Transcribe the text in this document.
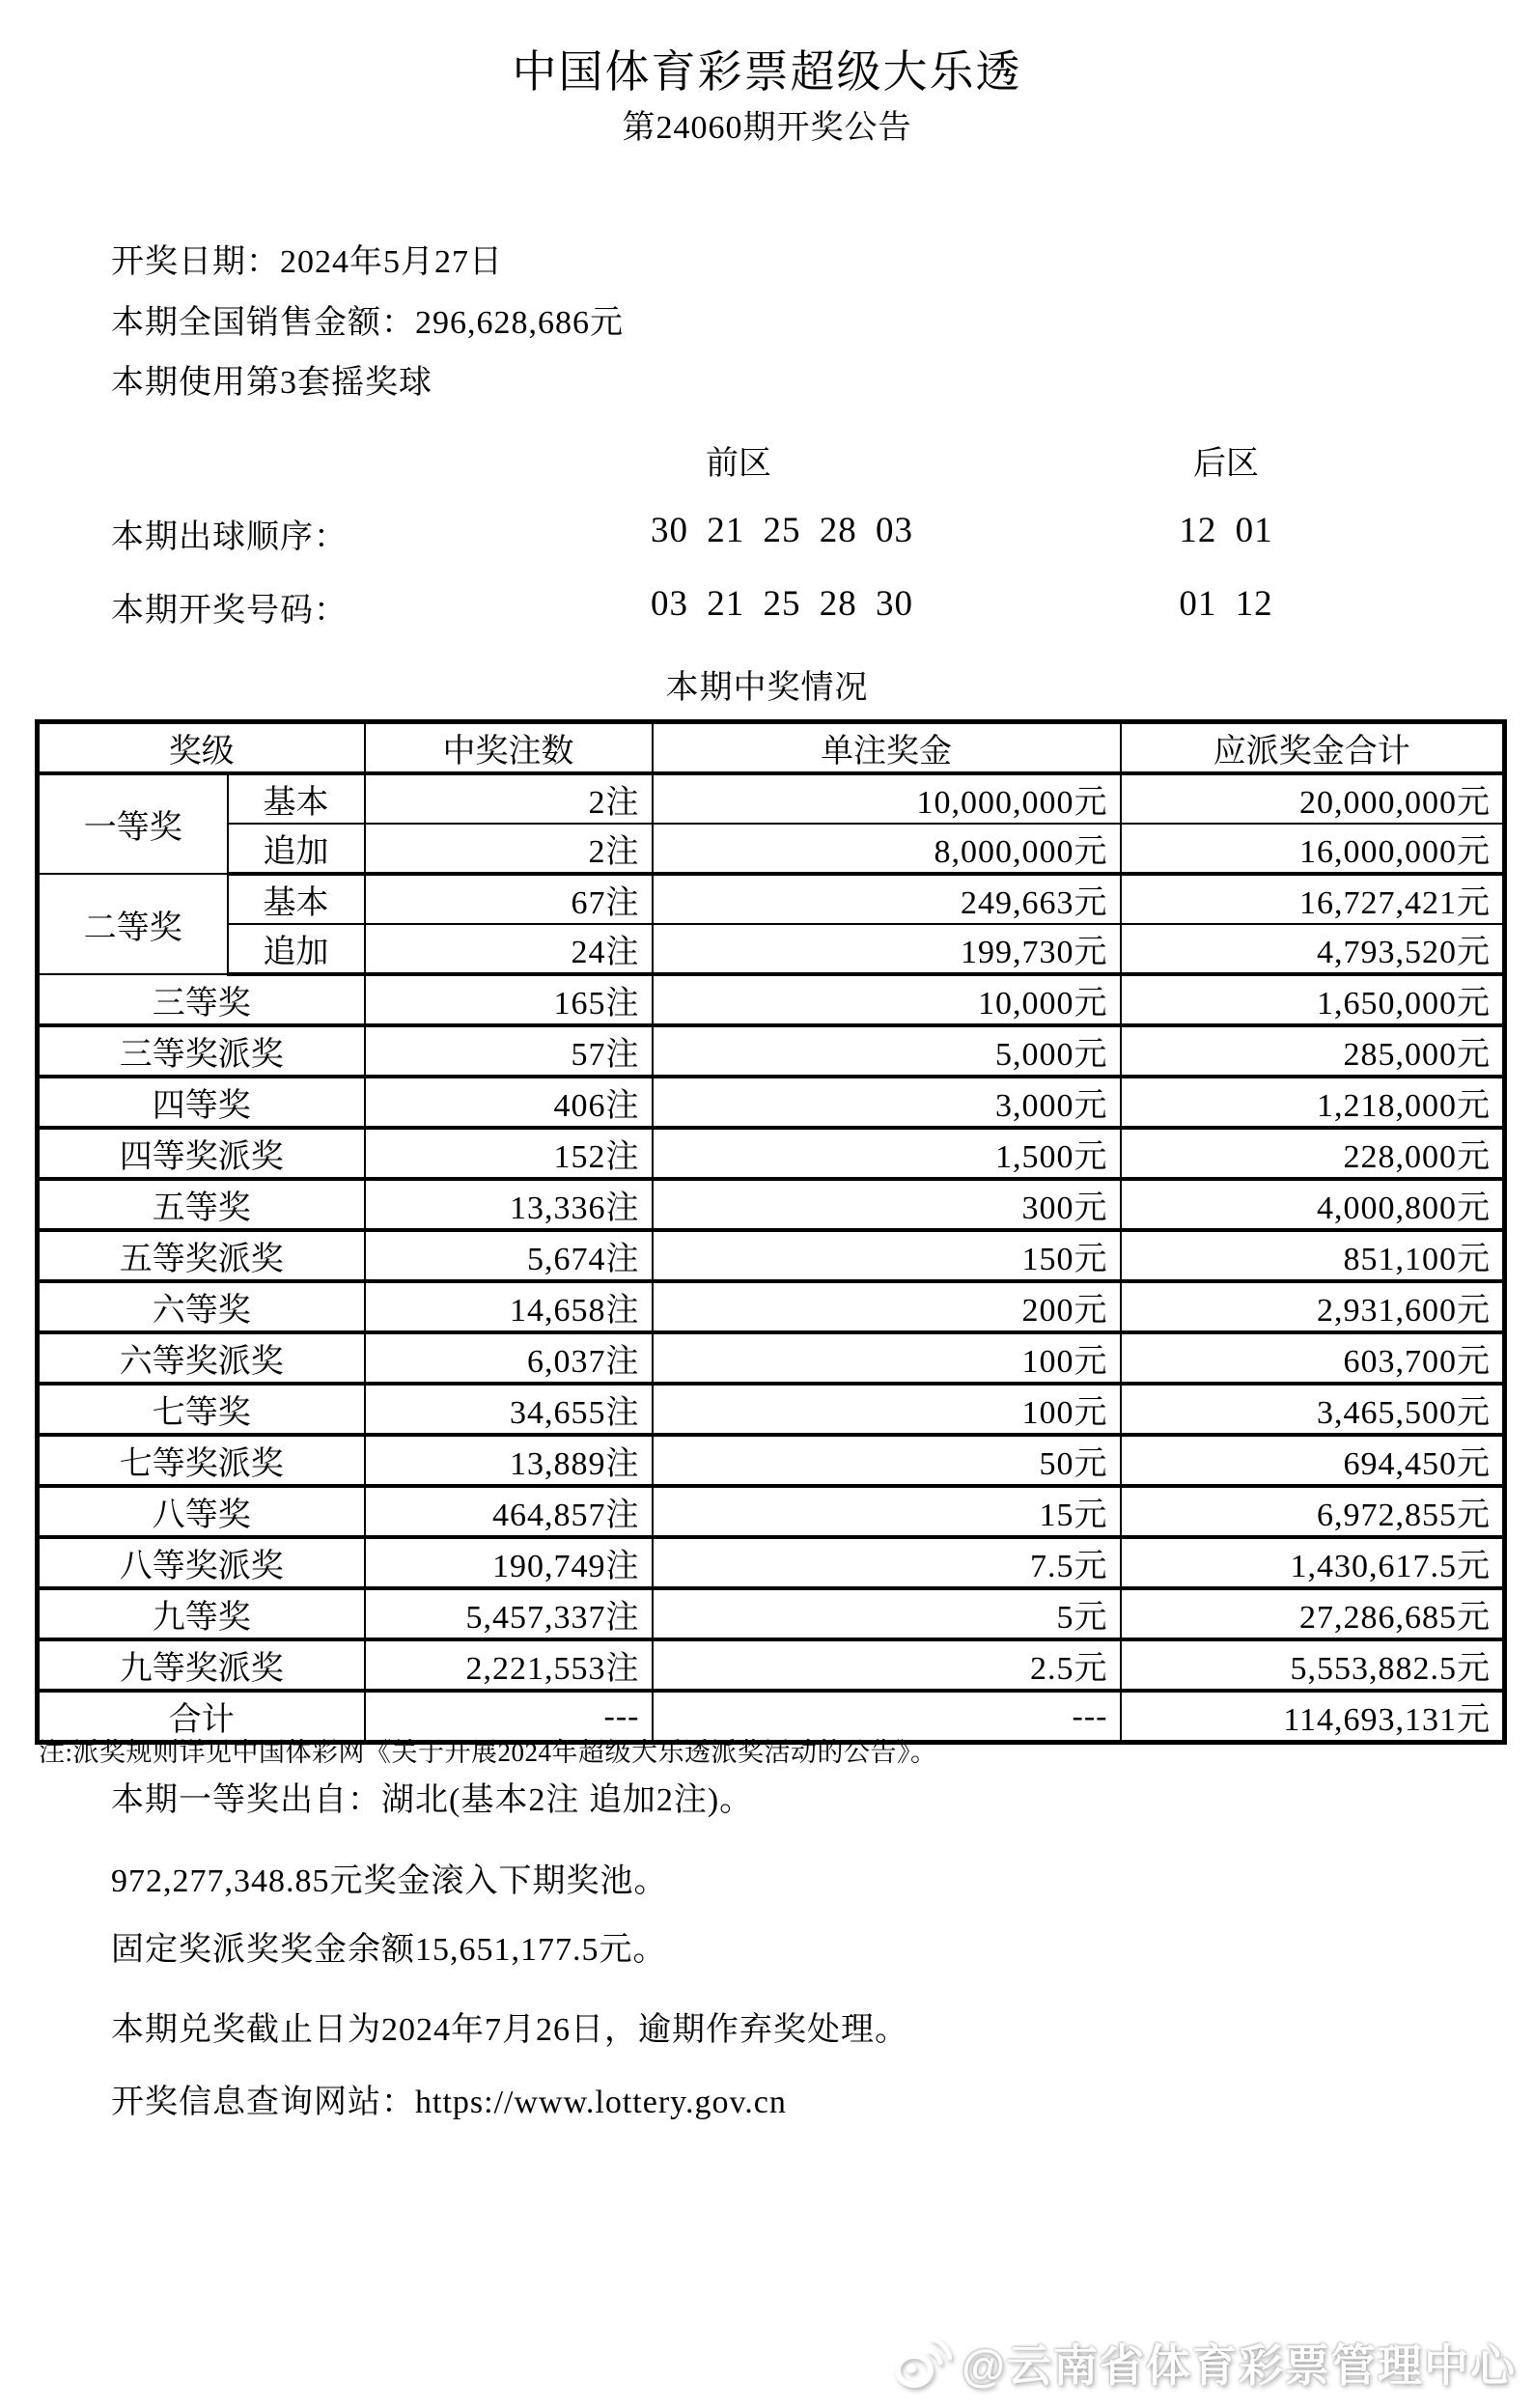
中国体育彩票超级大乐透
第24060期开奖公告
开奖日期：2024年5月27日
本期全国销售金额：296,628,686元
本期使用第3套摇奖球
前区	后区
本期出球顺序：	30 21 25 28 03	12 01
本期开奖号码：	03 21 25 28 30	01 12
本期中奖情况
奖级		中奖注数	单注奖金	应派奖金合计
一等奖	基本	2注	10,000,000元	20,000,000元
	追加	2注	8,000,000元	16,000,000元
二等奖	基本	67注	249,663元	16,727,421元
	追加	24注	199,730元	4,793,520元
三等奖		165注	10,000元	1,650,000元
三等奖派奖		57注	5,000元	285,000元
四等奖		406注	3,000元	1,218,000元
四等奖派奖		152注	1,500元	228,000元
五等奖		13,336注	300元	4,000,800元
五等奖派奖		5,674注	150元	851,100元
六等奖		14,658注	200元	2,931,600元
六等奖派奖		6,037注	100元	603,700元
七等奖		34,655注	100元	3,465,500元
七等奖派奖		13,889注	50元	694,450元
八等奖		464,857注	15元	6,972,855元
八等奖派奖		190,749注	7.5元	1,430,617.5元
九等奖		5,457,337注	5元	27,286,685元
九等奖派奖		2,221,553注	2.5元	5,553,882.5元
合计		---	---	114,693,131元
注:派奖规则详见中国体彩网《关于开展2024年超级大乐透派奖活动的公告》。

本期一等奖出自：湖北(基本2注 追加2注)。

972,277,348.85元奖金滚入下期奖池。

固定奖派奖奖金余额15,651,177.5元。

本期兑奖截止日为2024年7月26日，逾期作弃奖处理。

开奖信息查询网站：https://www.lottery.gov.cn

@云南省体育彩票管理中心
